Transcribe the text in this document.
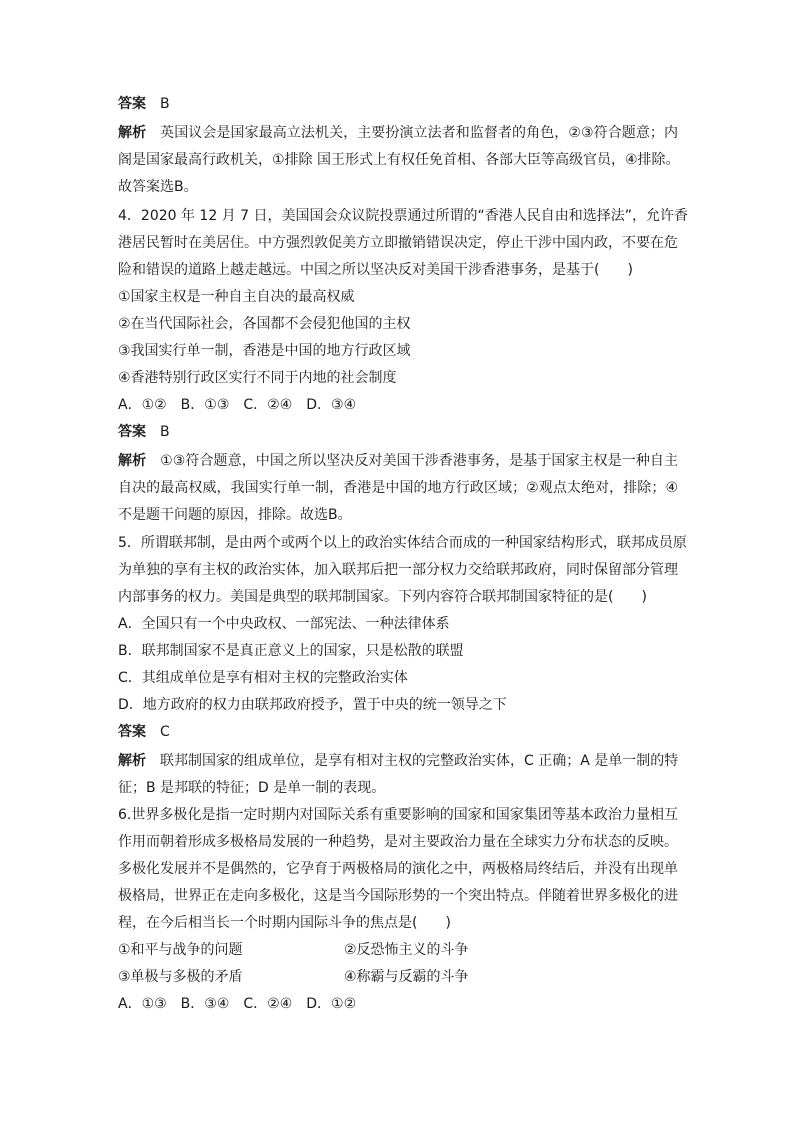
答案 B
解析 英国议会是国家最高立法机关，主要扮演立法者和监督者的角色，②③符合题意；内
阁是国家最高行政机关，①排除 国王形式上有权任免首相、各部大臣等高级官员，④排除。
故答案选B。
4．2020 年 12 月 7 日，美国国会众议院投票通过所谓的“香港人民自由和选择法”，允许香
港居民暂时在美居住。中方强烈敦促美方立即撤销错误决定，停止干涉中国内政，不要在危
险和错误的道路上越走越远。中国之所以坚决反对美国干涉香港事务，是基于(　　)
①国家主权是一种自主自决的最高权威
②在当代国际社会，各国都不会侵犯他国的主权
③我国实行单一制，香港是中国的地方行政区域
④香港特别行政区实行不同于内地的社会制度
A．①②　B．①③　C．②④　D．③④
答案 B
解析 ①③符合题意，中国之所以坚决反对美国干涉香港事务，是基于国家主权是一种自主
自决的最高权威，我国实行单一制，香港是中国的地方行政区域；②观点太绝对，排除；④
不是题干问题的原因，排除。故选B。
5．所谓联邦制，是由两个或两个以上的政治实体结合而成的一种国家结构形式，联邦成员原
为单独的享有主权的政治实体，加入联邦后把一部分权力交给联邦政府，同时保留部分管理
内部事务的权力。美国是典型的联邦制国家。下列内容符合联邦制国家特征的是(　　)
A．全国只有一个中央政权、一部宪法、一种法律体系
B．联邦制国家不是真正意义上的国家，只是松散的联盟
C．其组成单位是享有相对主权的完整政治实体
D．地方政府的权力由联邦政府授予，置于中央的统一领导之下
答案 C
解析 联邦制国家的组成单位，是享有相对主权的完整政治实体，C 正确；A 是单一制的特
征；B 是邦联的特征；D 是单一制的表现。
6.世界多极化是指一定时期内对国际关系有重要影响的国家和国家集团等基本政治力量相互
作用而朝着形成多极格局发展的一种趋势，是对主要政治力量在全球实力分布状态的反映。
多极化发展并不是偶然的，它孕育于两极格局的演化之中，两极格局终结后，并没有出现单
极格局，世界正在走向多极化，这是当今国际形势的一个突出特点。伴随着世界多极化的进
程，在今后相当长一个时期内国际斗争的焦点是(　　)
①和平与战争的问题	②反恐怖主义的斗争
③单极与多极的矛盾	④称霸与反霸的斗争
A．①③　B．③④　C．②④　D．①②
